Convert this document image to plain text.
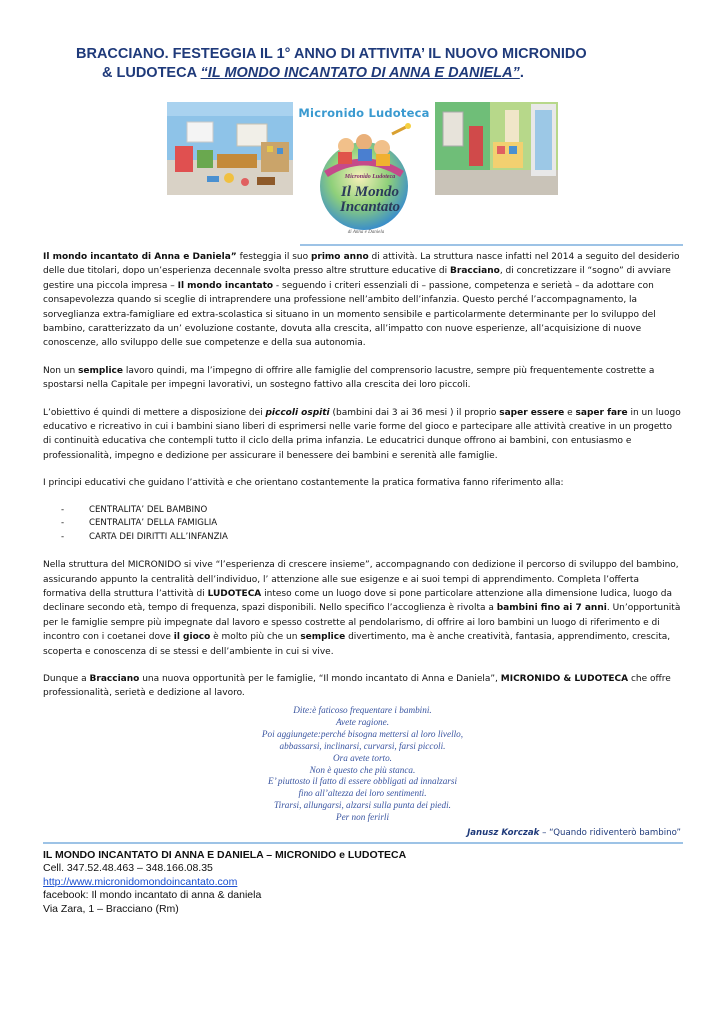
BRACCIANO. FESTEGGIA IL 1° ANNO DI ATTIVITA’ IL NUOVO MICRONIDO
& LUDOTECA “IL MONDO INCANTATO DI ANNA E DANIELA”.
Micronido Ludoteca
Micronido Ludoteca
Il Mondo
Incantato
di Anna e Daniela

Il mondo incantato di Anna e Daniela” festeggia il suo primo anno di attività. La struttura nasce infatti nel 2014 a seguito del desiderio delle due titolari, dopo un’esperienza decennale svolta presso altre strutture educative di Bracciano, di concretizzare il “sogno” di avviare gestire una piccola impresa – Il mondo incantato - seguendo i criteri essenziali di – passione, competenza e serietà – da adottare con consapevolezza quando si sceglie di intraprendere una professione nell’ambito dell’infanzia. Questo perché l’accompagnamento, la sorveglianza extra-famigliare ed extra-scolastica si situano in un momento sensibile e particolarmente determinante per lo sviluppo del bambino, caratterizzato da un’ evoluzione costante, dovuta alla crescita, all’impatto con nuove esperienze, all’acquisizione di nuove conoscenze, allo sviluppo delle sue competenze e della sua autonomia.

Non un semplice lavoro quindi, ma l’impegno di offrire alle famiglie del comprensorio lacustre, sempre più frequentemente costrette a spostarsi nella Capitale per impegni lavorativi, un sostegno fattivo alla crescita dei loro piccoli.

L’obiettivo é quindi di mettere a disposizione dei piccoli ospiti (bambini dai 3 ai 36 mesi ) il proprio saper essere e saper fare in un luogo educativo e ricreativo in cui i bambini siano liberi di esprimersi nelle varie forme del gioco e partecipare alle attività creative in un progetto di continuità educativa che contempli tutto il ciclo della prima infanzia. Le educatrici dunque offrono ai bambini, con entusiasmo e professionalità, impegno e dedizione per assicurare il benessere dei bambini e serenità alle famiglie.

I principi educativi che guidano l’attività e che orientano costantemente la pratica formativa fanno riferimento alla:

-	CENTRALITA’ DEL BAMBINO
-	CENTRALITA’ DELLA FAMIGLIA
-	CARTA DEI DIRITTI ALL’INFANZIA

Nella struttura del MICRONIDO si vive “l’esperienza di crescere insieme”, accompagnando con dedizione il percorso di sviluppo del bambino, assicurando appunto la centralità dell’individuo, l’ attenzione alle sue esigenze e ai suoi tempi di apprendimento. Completa l’offerta formativa della struttura l’attività di LUDOTECA inteso come un luogo dove si pone particolare attenzione alla dimensione ludica, luogo da declinare secondo età, tempo di frequenza, spazi disponibili. Nello specifico l’accoglienza è rivolta a bambini fino ai 7 anni. Un’opportunità per le famiglie sempre più impegnate dal lavoro e spesso costrette al pendolarismo, di offrire ai loro bambini un luogo di riferimento e di incontro con i coetanei dove il gioco è molto più che un semplice divertimento, ma è anche creatività, fantasia, apprendimento, crescita, scoperta e conoscenza di se stessi e dell’ambiente in cui si vive.

Dunque a Bracciano una nuova opportunità per le famiglie, “Il mondo incantato di Anna e Daniela”, MICRONIDO & LUDOTECA che offre professionalità, serietà e dedizione al lavoro.

Dite:è faticoso frequentare i bambini.
Avete ragione.
Poi aggiungete:perché bisogna mettersi al loro livello,
abbassarsi, inclinarsi, curvarsi, farsi piccoli.
Ora avete torto.
Non è questo che più stanca.
E’ piuttosto il fatto di essere obbligati ad innalzarsi
fino all’altezza dei loro sentimenti.
Tirarsi, allungarsi, alzarsi sulla punta dei piedi.
Per non ferirli
Janusz Korczak – “Quando ridiventerò bambino”
IL MONDO INCANTATO DI ANNA E DANIELA – MICRONIDO e LUDOTECA
Cell. 347.52.48.463 – 348.166.08.35
http://www.micronidomondoincantato.com
facebook: Il mondo incantato di anna & daniela
Via Zara, 1 – Bracciano (Rm)
